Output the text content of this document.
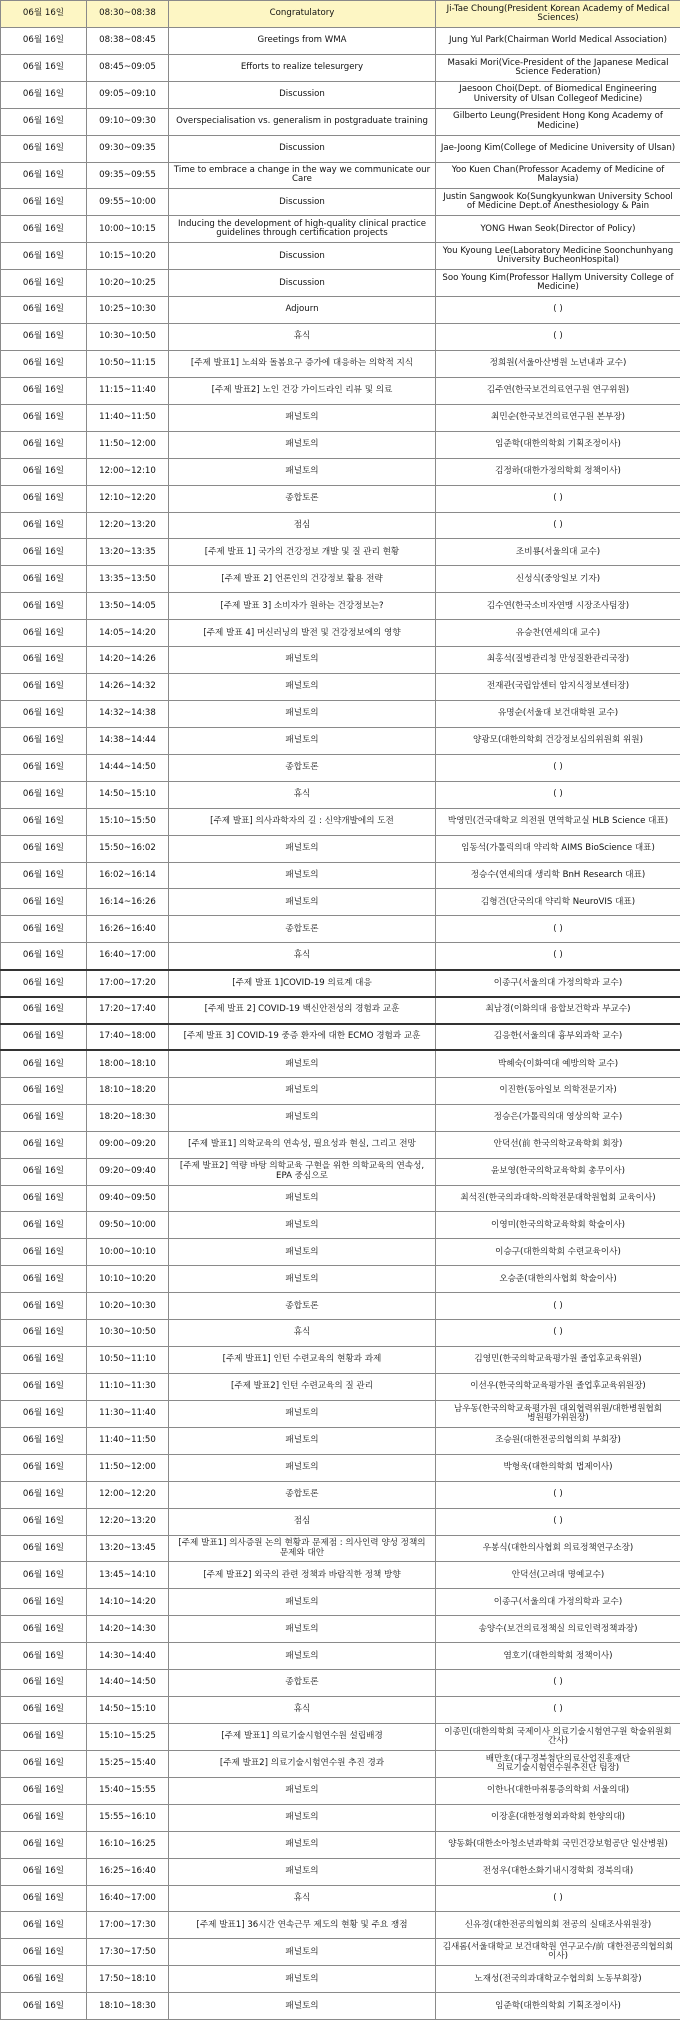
06월 16일	08:30~08:38	Congratulatory	Ji-Tae Choung(President Korean Academy of Medical Sciences)
06월 16일	08:38~08:45	Greetings from WMA	Jung Yul Park(Chairman World Medical Association)
06월 16일	08:45~09:05	Efforts to realize telesurgery	Masaki Mori(Vice-President of the Japanese Medical Science Federation)
06월 16일	09:05~09:10	Discussion	Jaesoon Choi(Dept. of Biomedical Engineering University of Ulsan Collegeof Medicine)
06월 16일	09:10~09:30	Overspecialisation vs. generalism in postgraduate training	Gilberto Leung(President Hong Kong Academy of Medicine)
06월 16일	09:30~09:35	Discussion	Jae-Joong Kim(College of Medicine University of Ulsan)
06월 16일	09:35~09:55	Time to embrace a change in the way we communicate our Care	Yoo Kuen Chan(Professor Academy of Medicine of Malaysia)
06월 16일	09:55~10:00	Discussion	Justin Sangwook Ko(Sungkyunkwan University School of Medicine Dept.of Anesthesiology & Pain
06월 16일	10:00~10:15	Inducing the development of high-quality clinical practice guidelines through certification projects	YONG Hwan Seok(Director of Policy)
06월 16일	10:15~10:20	Discussion	You Kyoung Lee(Laboratory Medicine Soonchunhyang University BucheonHospital)
06월 16일	10:20~10:25	Discussion	Soo Young Kim(Professor Hallym University College of Medicine)
06월 16일	10:25~10:30	Adjourn	( )
06월 16일	10:30~10:50	휴식	( )
06월 16일	10:50~11:15	[주제 발표1] 노쇠와 돌봄요구 증가에 대응하는 의학적 지식	정희원(서울아산병원 노년내과 교수)
06월 16일	11:15~11:40	[주제 발표2] 노인 건강 가이드라인 리뷰 및 의료	김주연(한국보건의료연구원 연구위원)
06월 16일	11:40~11:50	패널토의	최민순(한국보건의료연구원 본부장)
06월 16일	11:50~12:00	패널토의	임준학(대한의학회 기획조정이사)
06월 16일	12:00~12:10	패널토의	김정하(대한가정의학회 정책이사)
06월 16일	12:10~12:20	종합토론	( )
06월 16일	12:20~13:20	점심	( )
06월 16일	13:20~13:35	[주제 발표 1] 국가의 건강정보 개발 및 질 관리 현황	조비룡(서울의대 교수)
06월 16일	13:35~13:50	[주제 발표 2] 언론인의 건강정보 활용 전략	신성식(중앙일보 기자)
06월 16일	13:50~14:05	[주제 발표 3] 소비자가 원하는 건강정보는?	김수연(한국소비자연맹 시장조사팀장)
06월 16일	14:05~14:20	[주제 발표 4] 머신러닝의 발전 및 건강정보에의 영향	유승찬(연세의대 교수)
06월 16일	14:20~14:26	패널토의	최홍석(질병관리청 만성질환관리국장)
06월 16일	14:26~14:32	패널토의	전재관(국립암센터 암지식정보센터장)
06월 16일	14:32~14:38	패널토의	유명순(서울대 보건대학원 교수)
06월 16일	14:38~14:44	패널토의	양광모(대한의학회 건강정보심의위원회 위원)
06월 16일	14:44~14:50	종합토론	( )
06월 16일	14:50~15:10	휴식	( )
06월 16일	15:10~15:50	[주제 발표] 의사과학자의 길 : 신약개발에의 도전	박영민(건국대학교 의전원 면역학교실 HLB Science 대표)
06월 16일	15:50~16:02	패널토의	임동석(가톨릭의대 약리학 AIMS BioScience 대표)
06월 16일	16:02~16:14	패널토의	정승수(연세의대 생리학 BnH Research 대표)
06월 16일	16:14~16:26	패널토의	김형건(단국의대 약리학 NeuroVIS 대표)
06월 16일	16:26~16:40	종합토론	( )
06월 16일	16:40~17:00	휴식	( )
06월 16일	17:00~17:20	[주제 발표 1]COVID-19 의료계 대응	이종구(서울의대 가정의학과 교수)
06월 16일	17:20~17:40	[주제 발표 2] COVID-19 백신안전성의 경험과 교훈	최남경(이화의대 융합보건학과 부교수)
06월 16일	17:40~18:00	[주제 발표 3] COVID-19 중증 환자에 대한 ECMO 경험과 교훈	김응한(서울의대 흉부외과학 교수)
06월 16일	18:00~18:10	패널토의	박혜숙(이화여대 예방의학 교수)
06월 16일	18:10~18:20	패널토의	이진한(동아일보 의학전문기자)
06월 16일	18:20~18:30	패널토의	정승은(가톨릭의대 영상의학 교수)
06월 16일	09:00~09:20	[주제 발표1] 의학교육의 연속성, 필요성과 현실, 그리고 전망	안덕선(前 한국의학교육학회 회장)
06월 16일	09:20~09:40	[주제 발표2] 역량 바탕 의학교육 구현을 위한 의학교육의 연속성, EPA 중심으로	윤보영(한국의학교육학회 총무이사)
06월 16일	09:40~09:50	패널토의	최석진(한국의과대학-의학전문대학원협회 교육이사)
06월 16일	09:50~10:00	패널토의	이영미(한국의학교육학회 학술이사)
06월 16일	10:00~10:10	패널토의	이승구(대한의학회 수련교육이사)
06월 16일	10:10~10:20	패널토의	오승준(대한의사협회 학술이사)
06월 16일	10:20~10:30	종합토론	( )
06월 16일	10:30~10:50	휴식	( )
06월 16일	10:50~11:10	[주제 발표1] 인턴 수련교육의 현황과 과제	김영민(한국의학교육평가원 졸업후교육위원)
06월 16일	11:10~11:30	[주제 발표2] 인턴 수련교육의 질 관리	이선우(한국의학교육평가원 졸업후교육위원장)
06월 16일	11:30~11:40	패널토의	남우동(한국의학교육평가원 대외협력위원/대한병원협회 병원평가위원장)
06월 16일	11:40~11:50	패널토의	조승원(대한전공의협의회 부회장)
06월 16일	11:50~12:00	패널토의	박형욱(대한의학회 법제이사)
06월 16일	12:00~12:20	종합토론	( )
06월 16일	12:20~13:20	점심	( )
06월 16일	13:20~13:45	[주제 발표1] 의사증원 논의 현황과 문제점 : 의사인력 양성 정책의 문제와 대안	우봉식(대한의사협회 의료정책연구소장)
06월 16일	13:45~14:10	[주제 발표2] 외국의 관련 정책과 바람직한 정책 방향	안덕선(고려대 명예교수)
06월 16일	14:10~14:20	패널토의	이종구(서울의대 가정의학과 교수)
06월 16일	14:20~14:30	패널토의	송양수(보건의료정책실 의료인력정책과장)
06월 16일	14:30~14:40	패널토의	염호기(대한의학회 정책이사)
06월 16일	14:40~14:50	종합토론	( )
06월 16일	14:50~15:10	휴식	( )
06월 16일	15:10~15:25	[주제 발표1] 의료기술시험연수원 설립배경	이종민(대한의학회 국제이사 의료기술시험연구원 학술위원회 간사)
06월 16일	15:25~15:40	[주제 발표2] 의료기술시험연수원 추진 경과	배만호(대구경북첨단의료산업진흥재단 의료기술시험연수원추진단 팀장)
06월 16일	15:40~15:55	패널토의	이한나(대한마취통증의학회 서울의대)
06월 16일	15:55~16:10	패널토의	이장훈(대한정형외과학회 한양의대)
06월 16일	16:10~16:25	패널토의	양동화(대한소아청소년과학회 국민건강보험공단 일산병원)
06월 16일	16:25~16:40	패널토의	전성우(대한소화기내시경학회 경북의대)
06월 16일	16:40~17:00	휴식	( )
06월 16일	17:00~17:30	[주제 발표1] 36시간 연속근무 제도의 현황 및 주요 쟁점	신유경(대한전공의협의회 전공의 실태조사위원장)
06월 16일	17:30~17:50	패널토의	김새롬(서울대학교 보건대학원 연구교수/前 대한전공의협의회 이사)
06월 16일	17:50~18:10	패널토의	노재성(전국의과대학교수협의회 노동부회장)
06월 16일	18:10~18:30	패널토의	임준학(대한의학회 기획조정이사)
